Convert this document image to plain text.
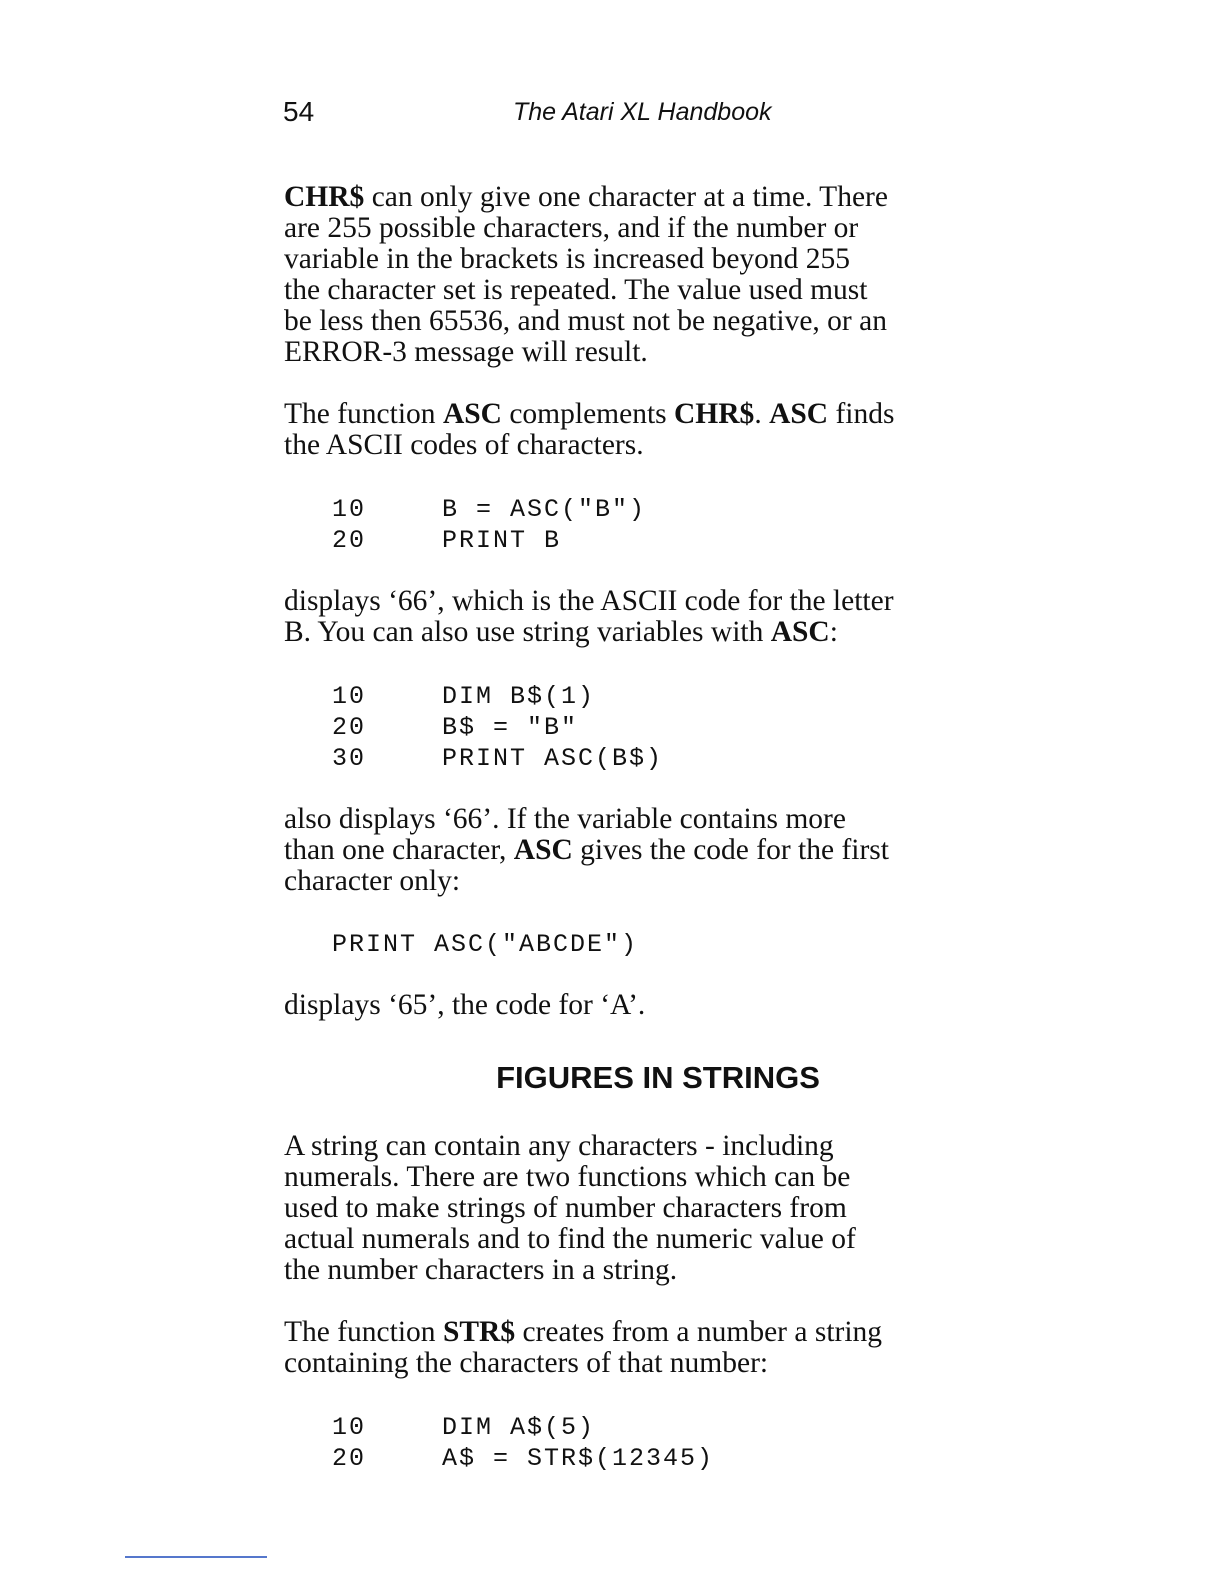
54	The Atari XL Handbook

CHR$ can only give one character at a time. There
are 255 possible characters, and if the number or
variable in the brackets is increased beyond 255
the character set is repeated. The value used must
be less then 65536, and must not be negative, or an
ERROR-3 message will result.

The function ASC complements CHR$. ASC finds
the ASCII codes of characters.

10	B = ASC("B")
20	PRINT B

displays ‘66’, which is the ASCII code for the letter
B. You can also use string variables with ASC:

10	DIM B$(1)
20	B$ = "B"
30	PRINT ASC(B$)

also displays ‘66’. If the variable contains more
than one character, ASC gives the code for the first
character only:

PRINT ASC("ABCDE")

displays ‘65’, the code for ‘A’.

FIGURES IN STRINGS

A string can contain any characters - including
numerals. There are two functions which can be
used to make strings of number characters from
actual numerals and to find the numeric value of
the number characters in a string.

The function STR$ creates from a number a string
containing the characters of that number:

10	DIM A$(5)
20	A$ = STR$(12345)
